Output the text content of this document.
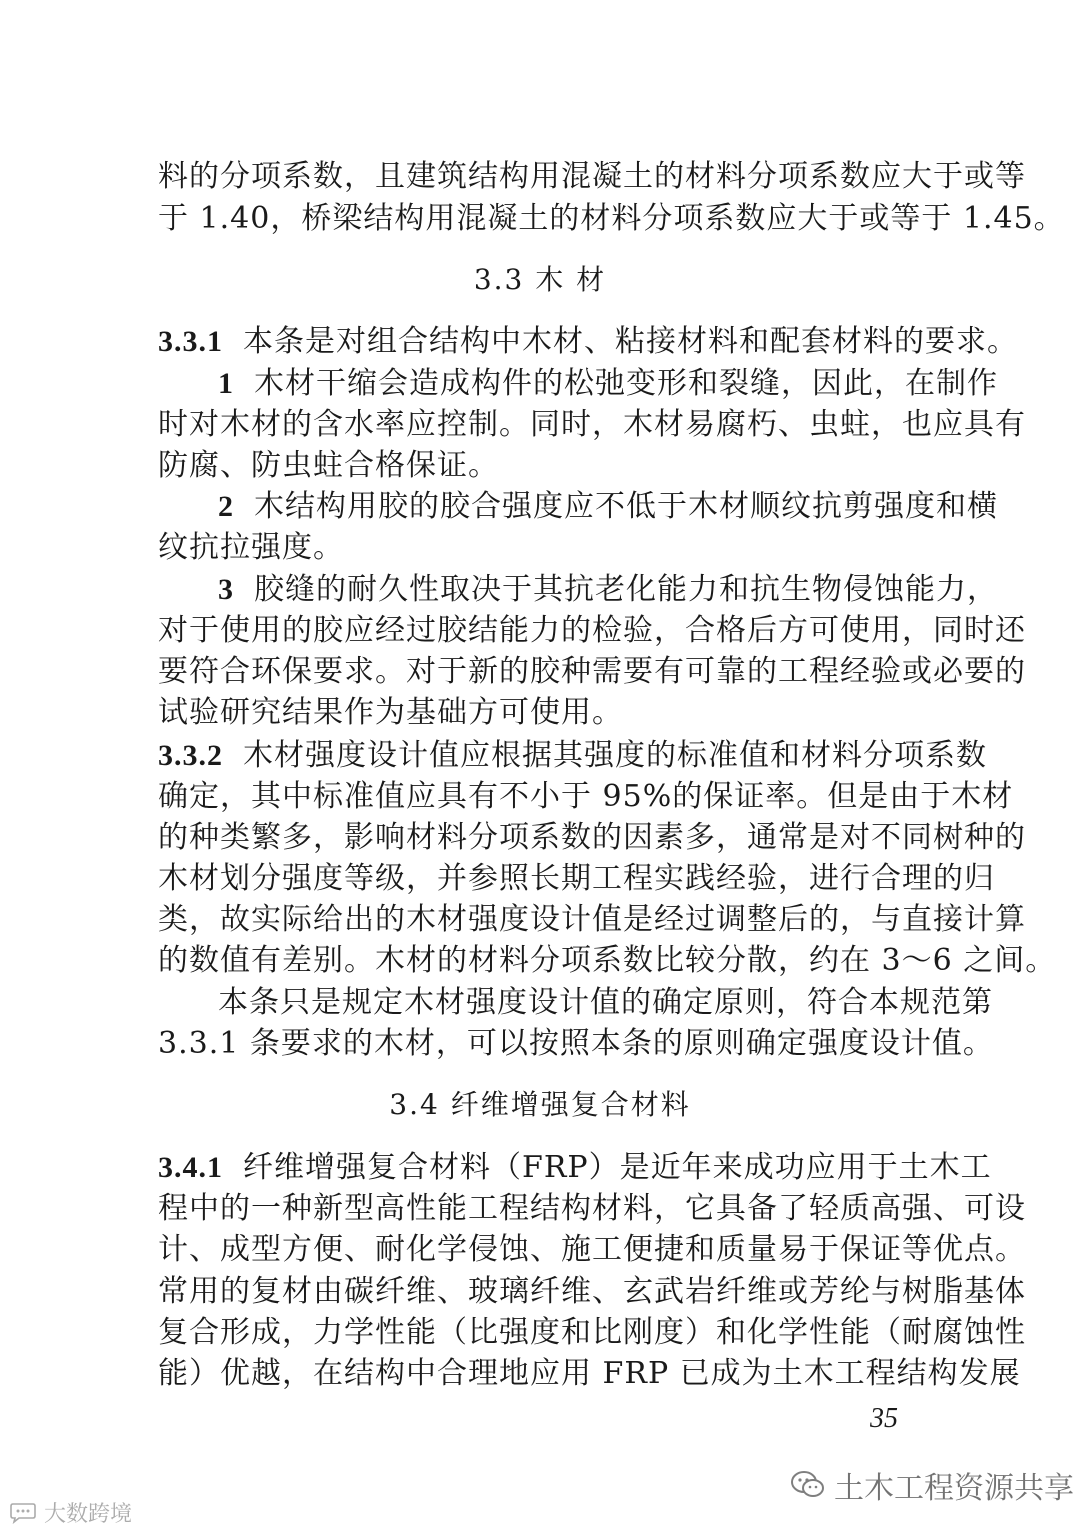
料的分项系数，且建筑结构用混凝土的材料分项系数应大于或等
于 1.40，桥梁结构用混凝土的材料分项系数应大于或等于 1.45。
3.3 木 材
3.3.1 本条是对组合结构中木材、粘接材料和配套材料的要求。
1 木材干缩会造成构件的松弛变形和裂缝，因此，在制作
时对木材的含水率应控制。同时，木材易腐朽、虫蛀，也应具有
防腐、防虫蛀合格保证。
2 木结构用胶的胶合强度应不低于木材顺纹抗剪强度和横
纹抗拉强度。
3 胶缝的耐久性取决于其抗老化能力和抗生物侵蚀能力，
对于使用的胶应经过胶结能力的检验，合格后方可使用，同时还
要符合环保要求。对于新的胶种需要有可靠的工程经验或必要的
试验研究结果作为基础方可使用。
3.3.2 木材强度设计值应根据其强度的标准值和材料分项系数
确定，其中标准值应具有不小于 95%的保证率。但是由于木材
的种类繁多，影响材料分项系数的因素多，通常是对不同树种的
木材划分强度等级，并参照长期工程实践经验，进行合理的归
类，故实际给出的木材强度设计值是经过调整后的，与直接计算
的数值有差别。木材的材料分项系数比较分散，约在 3～6 之间。
本条只是规定木材强度设计值的确定原则，符合本规范第
3.3.1 条要求的木材，可以按照本条的原则确定强度设计值。
3.4 纤维增强复合材料
3.4.1 纤维增强复合材料（FRP）是近年来成功应用于土木工
程中的一种新型高性能工程结构材料，它具备了轻质高强、可设
计、成型方便、耐化学侵蚀、施工便捷和质量易于保证等优点。
常用的复材由碳纤维、玻璃纤维、玄武岩纤维或芳纶与树脂基体
复合形成，力学性能（比强度和比刚度）和化学性能（耐腐蚀性
能）优越，在结构中合理地应用 FRP 已成为土木工程结构发展
35
土木工程资源共享
大数跨境
